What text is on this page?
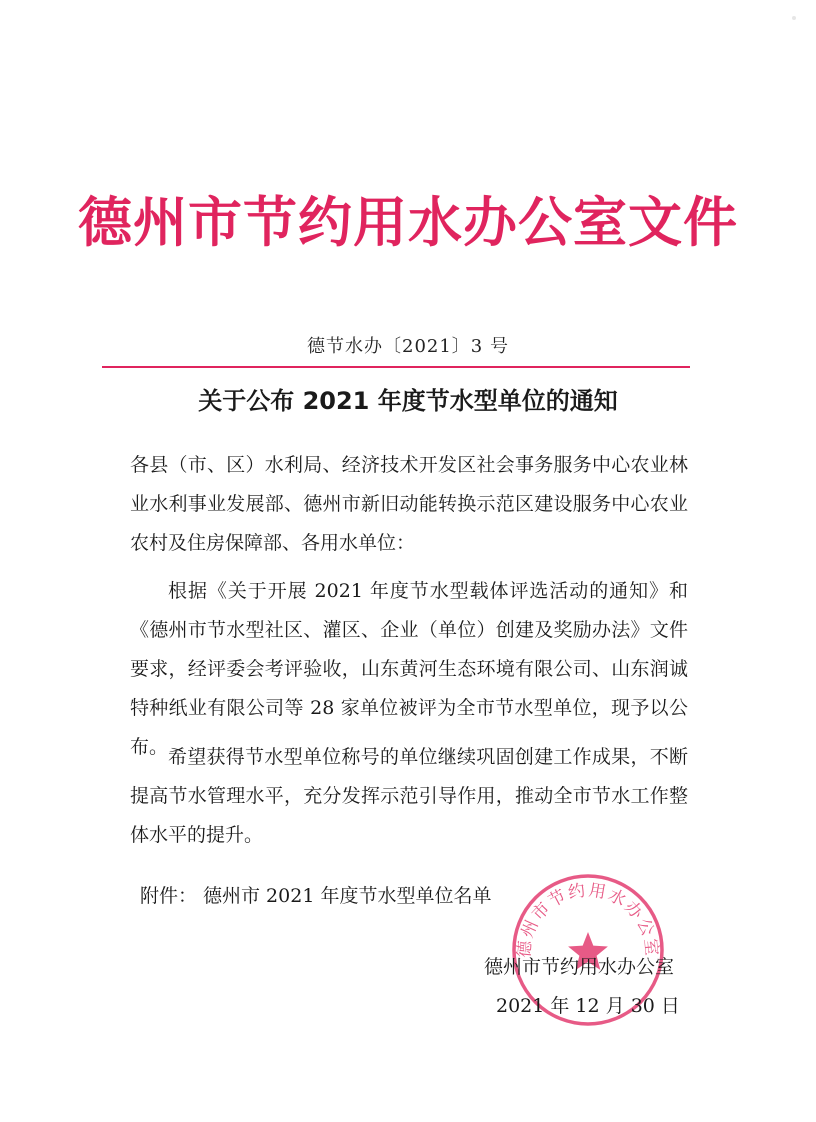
德州市节约用水办公室文件
德节水办〔2021〕3 号
关于公布 2021 年度节水型单位的通知
各县（市、区）水利局、经济技术开发区社会事务服务中心农业林业水利事业发展部、德州市新旧动能转换示范区建设服务中心农业农村及住房保障部、各用水单位：
根据《关于开展 2021 年度节水型载体评选活动的通知》和《德州市节水型社区、灌区、企业（单位）创建及奖励办法》文件要求，经评委会考评验收，山东黄河生态环境有限公司、山东润诚特种纸业有限公司等 28 家单位被评为全市节水型单位，现予以公布。 希望获得节水型单位称号的单位继续巩固创建工作成果，不断提高节水管理水平，充分发挥示范引导作用，推动全市节水工作整体水平的提升。
附件： 德州市 2021 年度节水型单位名单
德州市节约用水办公室
德州市节约用水办公室
2021 年 12 月 30 日
